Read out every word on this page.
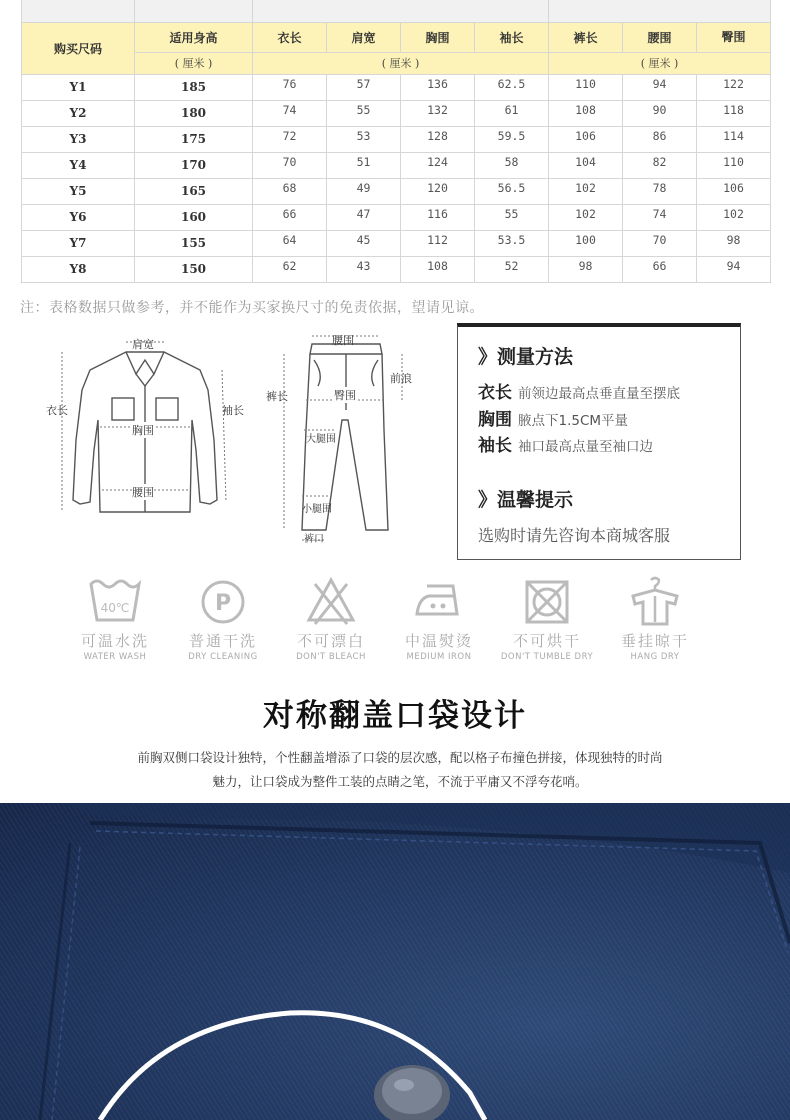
购买尺码	适用身高	衣长	肩宽	胸围	袖长	裤长	腰围	臀围
	( 厘米 )	( 厘米 )				( 厘米 )		
Y1	185	76	57	136	62.5	110	94	122
Y2	180	74	55	132	61	108	90	118
Y3	175	72	53	128	59.5	106	86	114
Y4	170	70	51	124	58	104	82	110
Y5	165	68	49	120	56.5	102	78	106
Y6	160	66	47	116	55	102	74	102
Y7	155	64	45	112	53.5	100	70	98
Y8	150	62	43	108	52	98	66	94
注：表格数据只做参考，并不能作为买家换尺寸的免责依据，望请见谅。
肩宽
衣长	袖长
胸围
腰围
腰围
前浪
裤长	臀围
大腿围
小腿围
裤口
》测量方法
衣长 前领边最高点垂直量至摆底
胸围 腋点下1.5CM平量
袖长 袖口最高点量至袖口边
》温馨提示
选购时请先咨询本商城客服
40℃
可温水洗
WATER WASH
P
普通干洗
DRY CLEANING
不可漂白
DON'T BLEACH
中温熨烫
MEDIUM IRON
不可烘干
DON'T TUMBLE DRY
垂挂晾干
HANG DRY
对称翻盖口袋设计
前胸双侧口袋设计独特，个性翻盖增添了口袋的层次感，配以格子布撞色拼接，体现独特的时尚
魅力，让口袋成为整件工装的点睛之笔，不流于平庸又不浮夸花哨。
